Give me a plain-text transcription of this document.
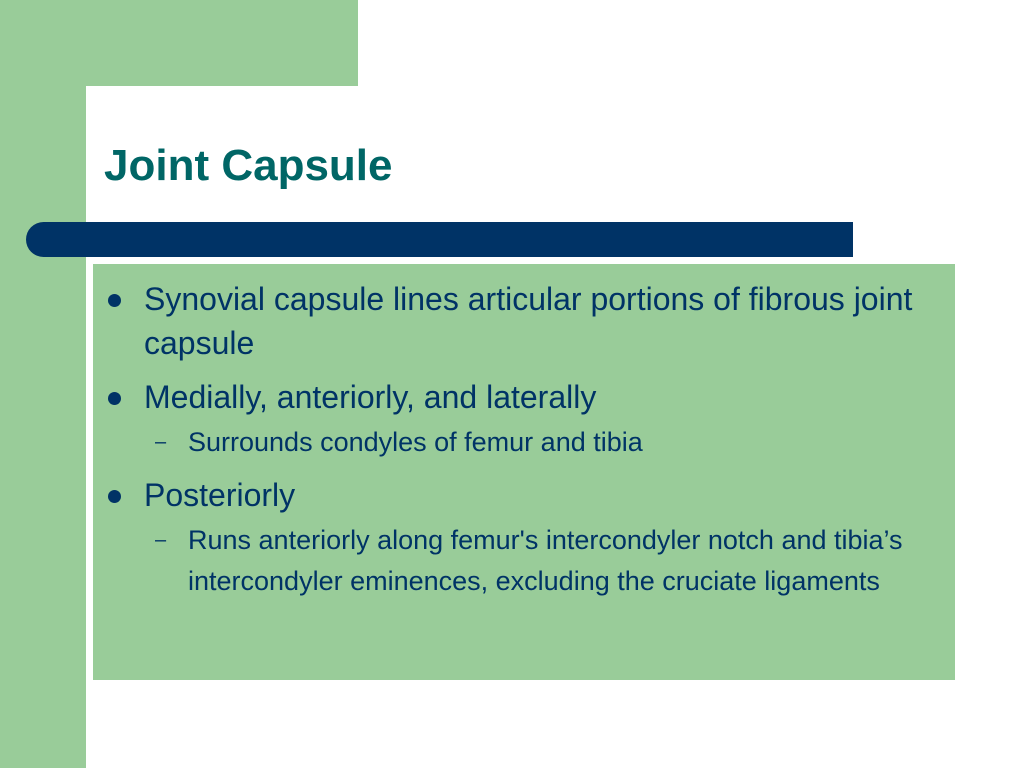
Joint Capsule
Synovial capsule lines articular portions of fibrous joint capsule
Medially, anteriorly, and laterally
– Surrounds condyles of femur and tibia
Posteriorly
– Runs anteriorly along femur's intercondyler notch and tibia’s intercondyler eminences, excluding the cruciate ligaments
